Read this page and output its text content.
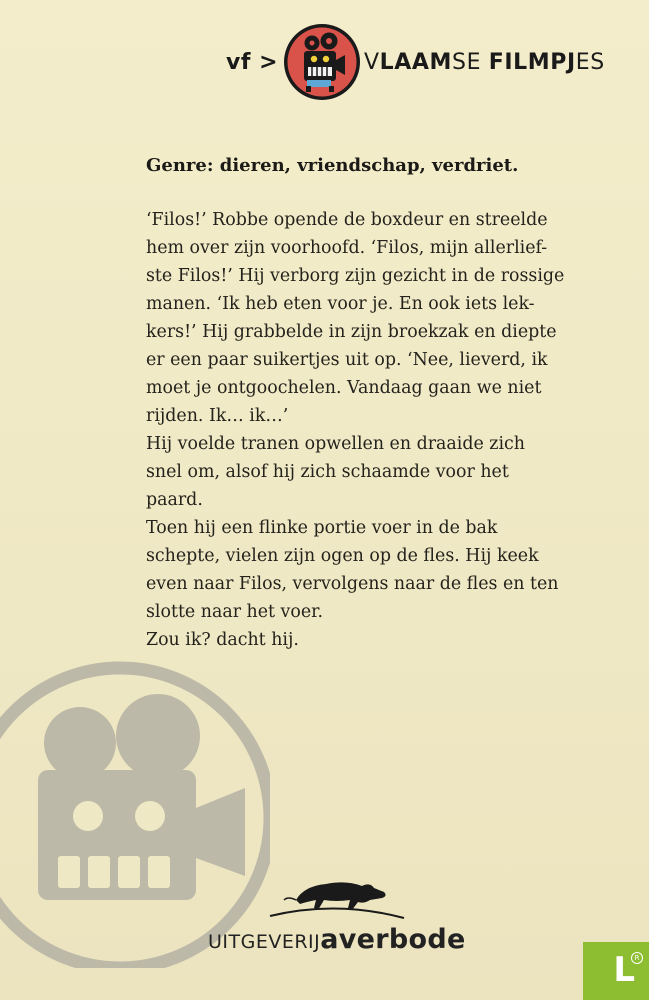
vf >	VLAAMSE FILMPJES
Genre: dieren, vriendschap, verdriet.

‘Filos!’ Robbe opende de boxdeur en streelde

hem over zijn voorhoofd. ‘Filos, mijn allerlief-

ste Filos!’ Hij verborg zijn gezicht in de rossige

manen. ‘Ik heb eten voor je. En ook iets lek-

kers!’ Hij grabbelde in zijn broekzak en diepte

er een paar suikertjes uit op. ‘Nee, lieverd, ik

moet je ontgoochelen. Vandaag gaan we niet

rijden. Ik… ik…’

Hij voelde tranen opwellen en draaide zich

snel om, alsof hij zich schaamde voor het

paard.

Toen hij een flinke portie voer in de bak

schepte, vielen zijn ogen op de fles. Hij keek

even naar Filos, vervolgens naar de fles en ten

slotte naar het voer.

Zou ik? dacht hij.

UITGEVERIJaverbode
R
L
